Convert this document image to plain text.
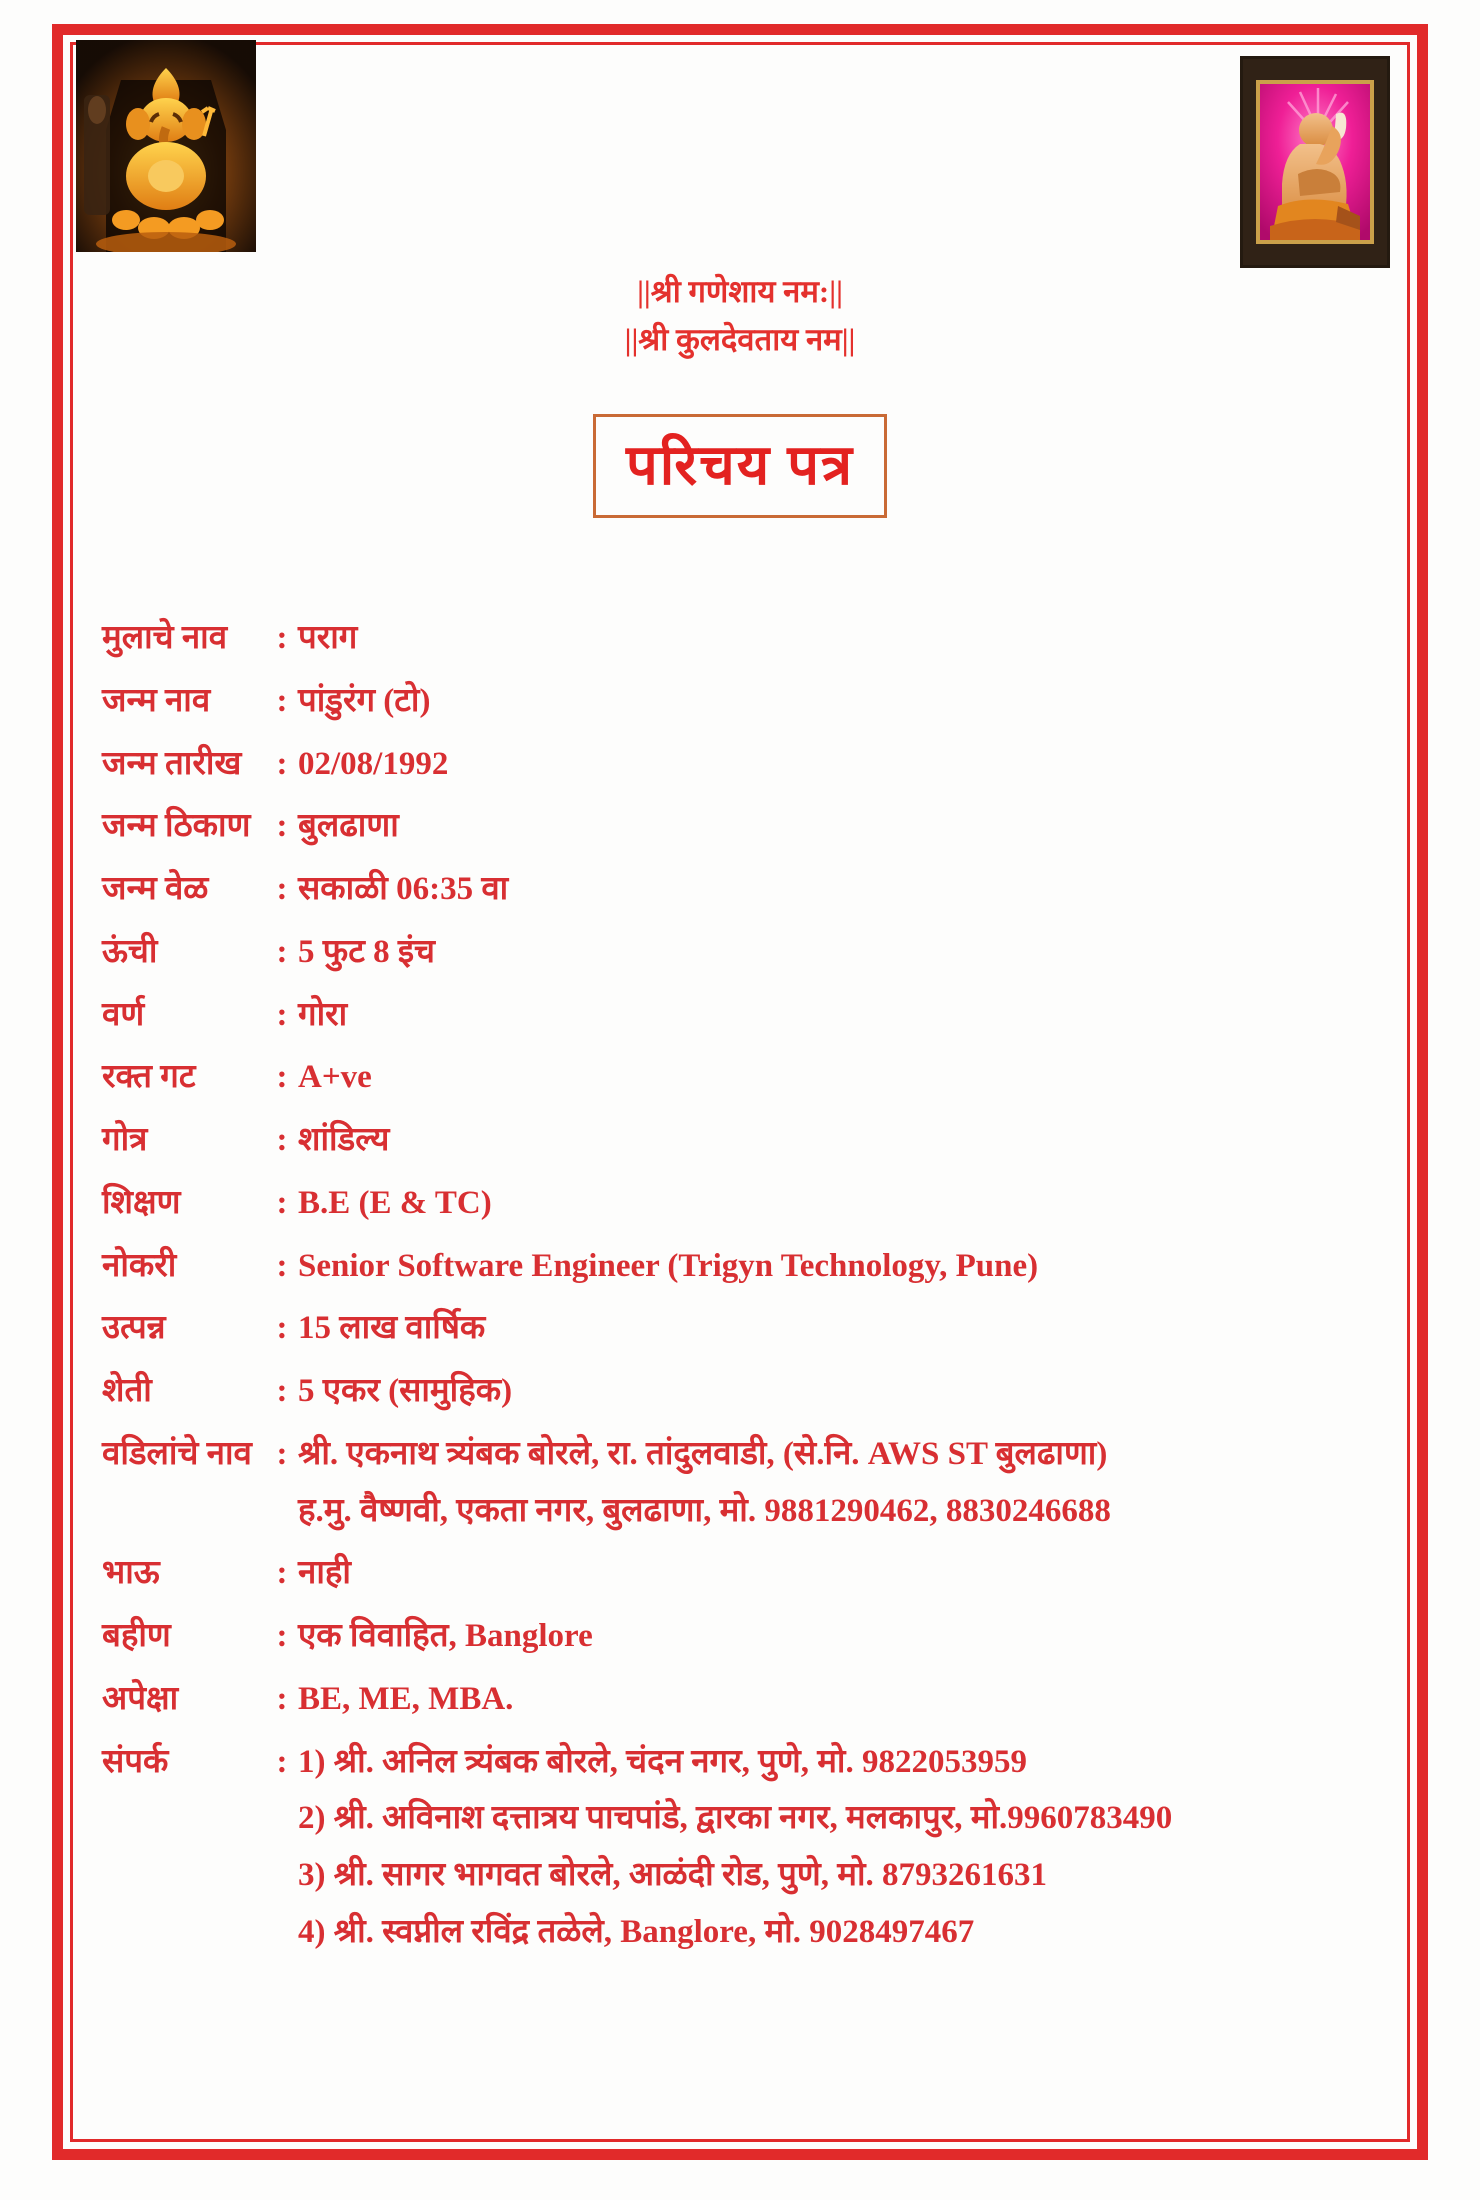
||श्री गणेशाय नम:||
||श्री कुलदेवताय नम||
परिचय पत्र
मुलाचे नाव	: पराग
जन्म नाव	: पांडुरंग (टो)
जन्म तारीख	: 02/08/1992
जन्म ठिकाण : बुलढाणा
जन्म वेळ	: सकाळी 06:35 वा
ऊंची	: 5 फुट 8 इंच
वर्ण	: गोरा
रक्त गट	: A+ve
गोत्र	: शांडिल्य
शिक्षण	: B.E (E & TC)
नोकरी	: Senior Software Engineer (Trigyn Technology, Pune)
उत्पन्न	: 15 लाख वार्षिक
शेती	: 5 एकर (सामुहिक)
वडिलांचे नाव : श्री. एकनाथ त्र्यंबक बोरले, रा. तांदुलवाडी, (से.नि. AWS ST बुलढाणा)
ह.मु. वैष्णवी, एकता नगर, बुलढाणा, मो. 9881290462, 8830246688
भाऊ	: नाही
बहीण	: एक विवाहित, Banglore
अपेक्षा	: BE, ME, MBA.
संपर्क	: 1) श्री. अनिल त्र्यंबक बोरले, चंदन नगर, पुणे, मो. 9822053959
2) श्री. अविनाश दत्तात्रय पाचपांडे, द्वारका नगर, मलकापुर, मो.9960783490
3) श्री. सागर भागवत बोरले, आळंदी रोड, पुणे, मो. 8793261631
4) श्री. स्वप्नील रविंद्र तळेले, Banglore, मो. 9028497467
